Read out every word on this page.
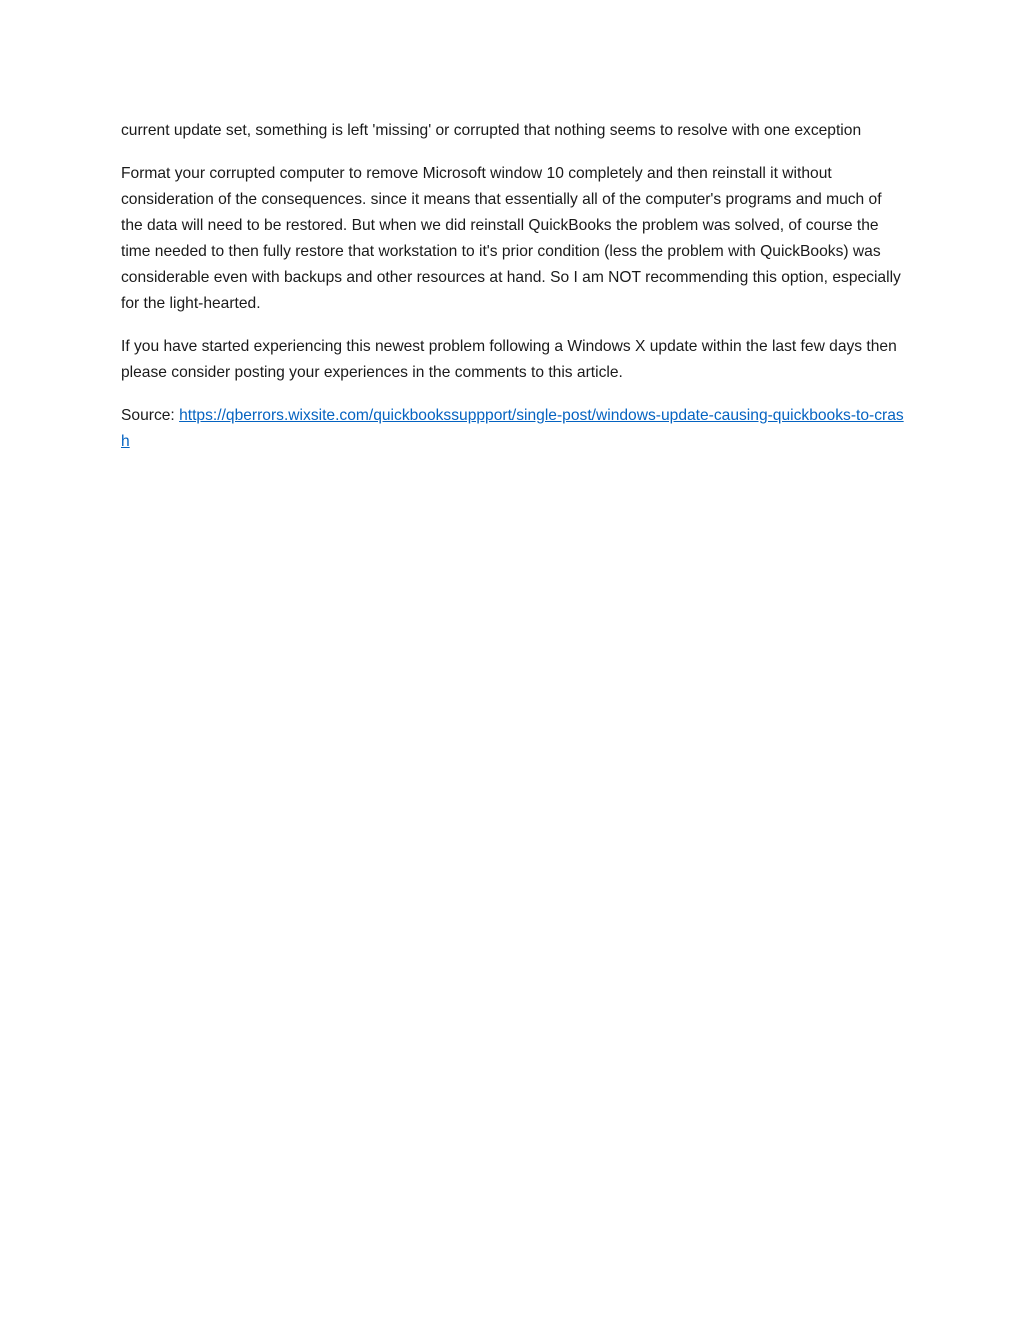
current update set, something is left 'missing' or corrupted that nothing seems to resolve with one exception

Format your corrupted computer to remove Microsoft window 10 completely and then reinstall it without consideration of the consequences. since it means that essentially all of the computer's programs and much of the data will need to be restored. But when we did reinstall QuickBooks the problem was solved, of course the time needed to then fully restore that workstation to it's prior condition (less the problem with QuickBooks) was considerable even with backups and other resources at hand. So I am NOT recommending this option, especially for the light-hearted.

If you have started experiencing this newest problem following a Windows X update within the last few days then please consider posting your experiences in the comments to this article.

Source: https://qberrors.wixsite.com/quickbookssuppport/single-post/windows-update-causing-quickbooks-to-crash
